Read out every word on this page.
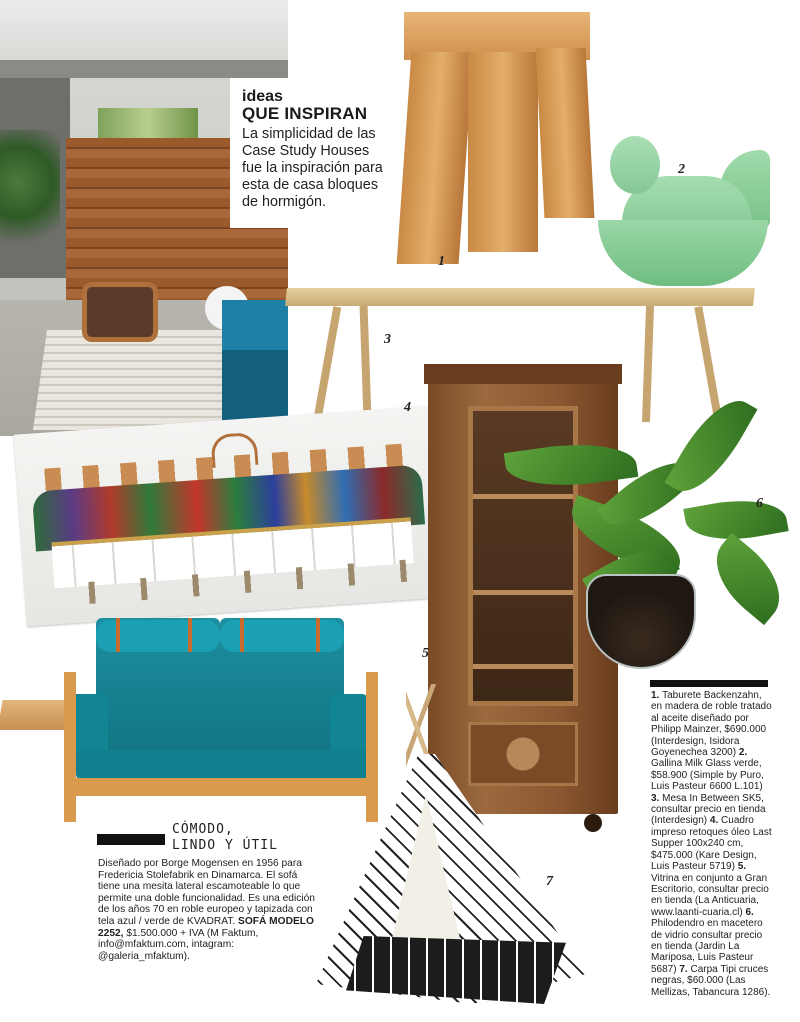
ideas
QUE INSPIRAN
La simplicidad de las Case Study Houses fue la inspiración para esta de casa bloques de hormigón.
1
2
3
4
5
6
7
CÓMODO,
LINDO Y ÚTIL
Diseñado por Borge Mogensen en 1956 para Fredericia Stolefabrik en Dinamarca. El sofá tiene una mesita lateral escamoteable lo que permite una doble funcionalidad. Es una edición de los años 70 en roble europeo y tapizada con tela azul / verde de KVADRAT. SOFÁ MODELO 2252, $1.500.000 + IVA (M Faktum, info@mfaktum.com, intagram: @galeria_mfaktum).
1. Taburete Backenzahn, en madera de roble tratado al aceite diseñado por Philipp Mainzer, $690.000 (Interdesign, Isidora Goyenechea 3200) 2. Gallina Milk Glass verde, $58.900 (Simple by Puro, Luis Pasteur 6600 L.101) 3. Mesa In Between SK5, consultar precio en tienda (Interdesign) 4. Cuadro impreso retoques óleo Last Supper 100x240 cm, $475.000 (Kare Design, Luis Pasteur 5719) 5. Vitrina en conjunto a Gran Escritorio, consultar precio en tienda (La Anticuaria, www.laanti-cuaria.cl) 6. Philodendro en macetero de vidrio consultar precio en tienda (Jardin La Mariposa, Luis Pasteur 5687) 7. Carpa Tipi cruces negras, $60.000 (Las Mellizas, Tabancura 1286).
